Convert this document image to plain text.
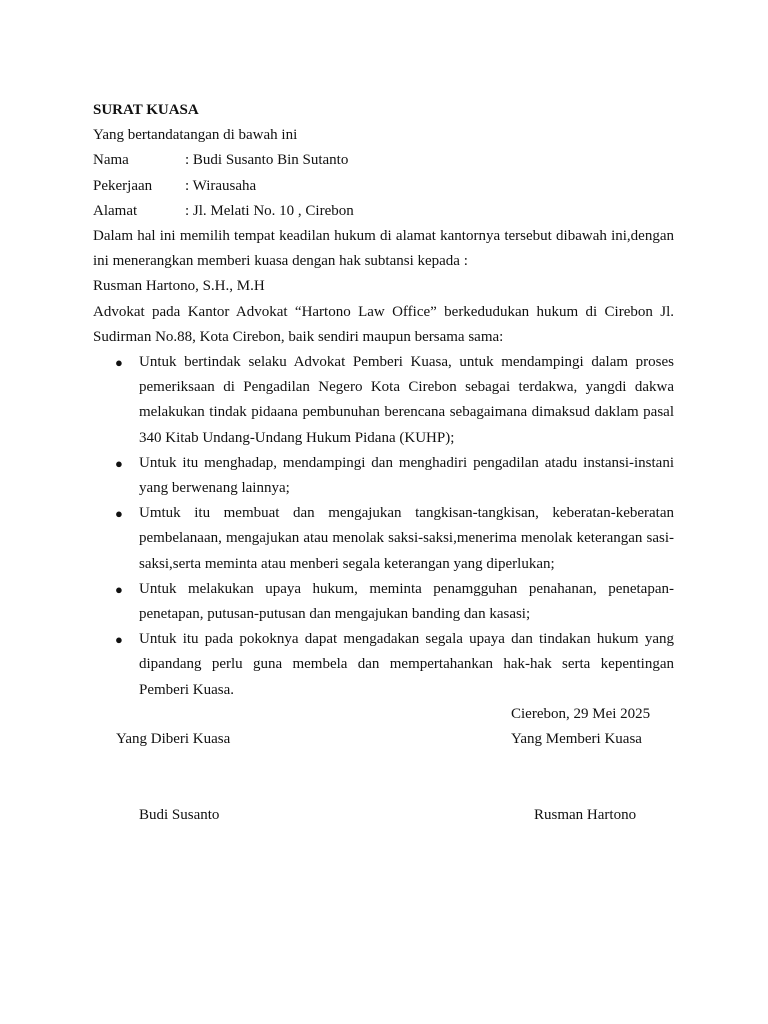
SURAT KUASA
Yang bertandatangan di bawah ini
Nama	: Budi Susanto Bin Sutanto
Pekerjaan	: Wirausaha
Alamat	: Jl. Melati No. 10 , Cirebon
Dalam hal ini memilih tempat keadilan hukum di alamat kantornya tersebut dibawah ini,dengan ini menerangkan memberi kuasa dengan hak subtansi kepada :
Rusman Hartono, S.H., M.H
Advokat pada Kantor Advokat “Hartono Law Office” berkedudukan hukum di Cirebon Jl. Sudirman No.88, Kota Cirebon, baik sendiri maupun bersama sama:
● Untuk bertindak selaku Advokat Pemberi Kuasa, untuk mendampingi dalam proses pemeriksaan di Pengadilan Negero Kota Cirebon sebagai terdakwa, yangdi dakwa melakukan tindak pidaana pembunuhan berencana sebagaimana dimaksud daklam pasal 340 Kitab Undang-Undang Hukum Pidana (KUHP);
● Untuk itu menghadap, mendampingi dan menghadiri pengadilan atadu instansi-instani yang berwenang lainnya;
● Umtuk itu membuat dan mengajukan tangkisan-tangkisan, keberatan-keberatan pembelanaan, mengajukan atau menolak saksi-saksi,menerima menolak keterangan sasi-saksi,serta meminta atau menberi segala keterangan yang diperlukan;
● Untuk melakukan upaya hukum, meminta penamgguhan penahanan, penetapan-penetapan, putusan-putusan dan mengajukan banding dan kasasi;
● Untuk itu pada pokoknya dapat mengadakan segala upaya dan tindakan hukum yang dipandang perlu guna membela dan mempertahankan hak-hak serta kepentingan Pemberi Kuasa.
Cierebon, 29 Mei 2025
Yang Diberi Kuasa	Yang Memberi Kuasa
Budi Susanto	Rusman Hartono
